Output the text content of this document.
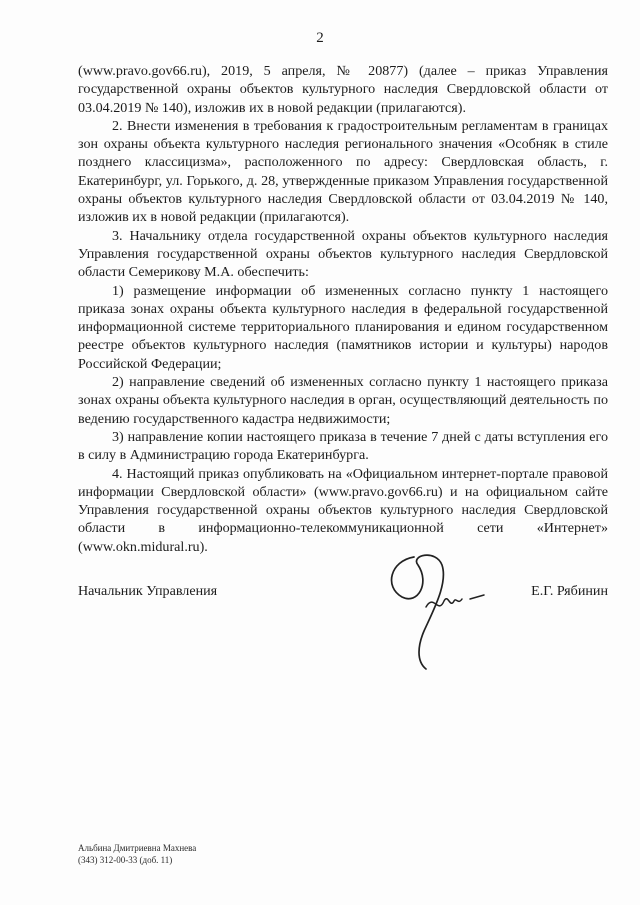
2

(www.pravo.gov66.ru), 2019, 5 апреля, № 20877) (далее – приказ Управления государственной охраны объектов культурного наследия Свердловской области от 03.04.2019 № 140), изложив их в новой редакции (прилагаются).

2. Внести изменения в требования к градостроительным регламентам в границах зон охраны объекта культурного наследия регионального значения «Особняк в стиле позднего классицизма», расположенного по адресу: Свердловская область, г. Екатеринбург, ул. Горького, д. 28, утвержденные приказом Управления государственной охраны объектов культурного наследия Свердловской области от 03.04.2019 № 140, изложив их в новой редакции (прилагаются).

3. Начальнику отдела государственной охраны объектов культурного наследия Управления государственной охраны объектов культурного наследия Свердловской области Семерикову М.А. обеспечить:

1) размещение информации об измененных согласно пункту 1 настоящего приказа зонах охраны объекта культурного наследия в федеральной государственной информационной системе территориального планирования и едином государственном реестре объектов культурного наследия (памятников истории и культуры) народов Российской Федерации;

2) направление сведений об измененных согласно пункту 1 настоящего приказа зонах охраны объекта культурного наследия в орган, осуществляющий деятельность по ведению государственного кадастра недвижимости;

3) направление копии настоящего приказа в течение 7 дней с даты вступления его в силу в Администрацию города Екатеринбурга.

4. Настоящий приказ опубликовать на «Официальном интернет-портале правовой информации Свердловской области» (www.pravo.gov66.ru) и на официальном сайте Управления государственной охраны объектов культурного наследия Свердловской области в информационно-телекоммуникационной сети «Интернет» (www.okn.midural.ru).

Начальник Управления	Е.Г. Рябинин
Альбина Дмитриевна Махнева
(343) 312-00-33 (доб. 11)
